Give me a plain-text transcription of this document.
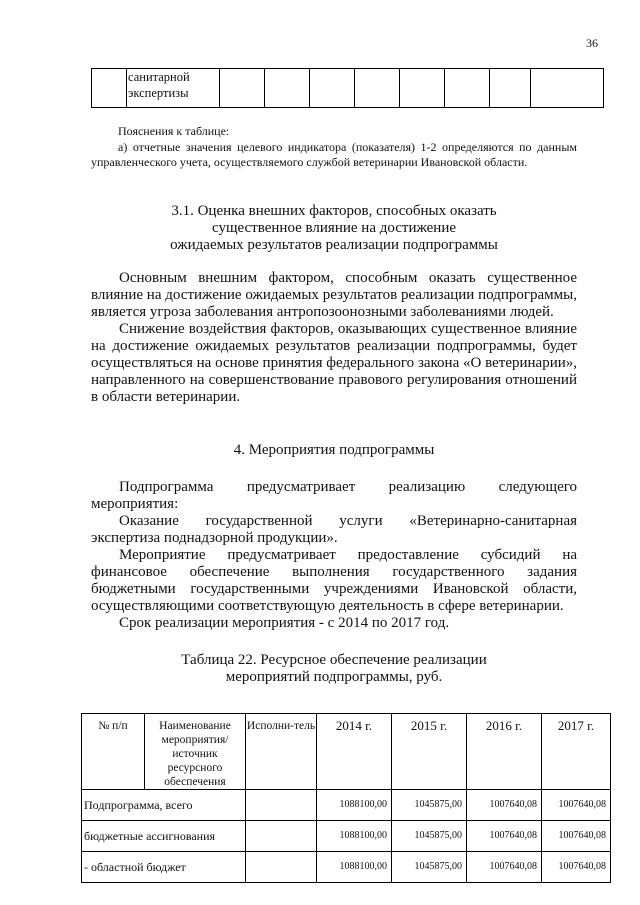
36
	санитарной экспертизы								

Пояснения к таблице:

а) отчетные значения целевого индикатора (показателя) 1-2 определяются по данным управленческого учета, осуществляемого службой ветеринарии Ивановской области.

3.1. Оценка внешних факторов, способных оказать
существенное влияние на достижение
ожидаемых результатов реализации подпрограммы

Основным внешним фактором, способным оказать существенное влияние на достижение ожидаемых результатов реализации подпрограммы, является угроза заболевания антропозоонозными заболеваниями людей.

Снижение воздействия факторов, оказывающих существенное влияние на достижение ожидаемых результатов реализации подпрограммы, будет осуществляться на основе принятия федерального закона «О ветеринарии», направленного на совершенствование правового регулирования отношений в области ветеринарии.

4. Мероприятия подпрограммы

Подпрограмма предусматривает реализацию следующего мероприятия:

Оказание государственной услуги «Ветеринарно-санитарная экспертиза поднадзорной продукции».

Мероприятие предусматривает предоставление субсидий на финансовое обеспечение выполнения государственного задания бюджетными государственными учреждениями Ивановской области, осуществляющими соответствующую деятельность в сфере ветеринарии.

Срок реализации мероприятия - с 2014 по 2017 год.

Таблица 22. Ресурсное обеспечение реализации
мероприятий подпрограммы, руб.
№ п/п	Наименование мероприятия/источник ресурсного обеспечения	Исполни-тель	2014 г.	2015 г.	2016 г.	2017 г.
Подпрограмма, всего			1088100,00	1045875,00	1007640,08	1007640,08
бюджетные ассигнования			1088100,00	1045875,00	1007640,08	1007640,08
- областной бюджет			1088100,00	1045875,00	1007640,08	1007640,08
